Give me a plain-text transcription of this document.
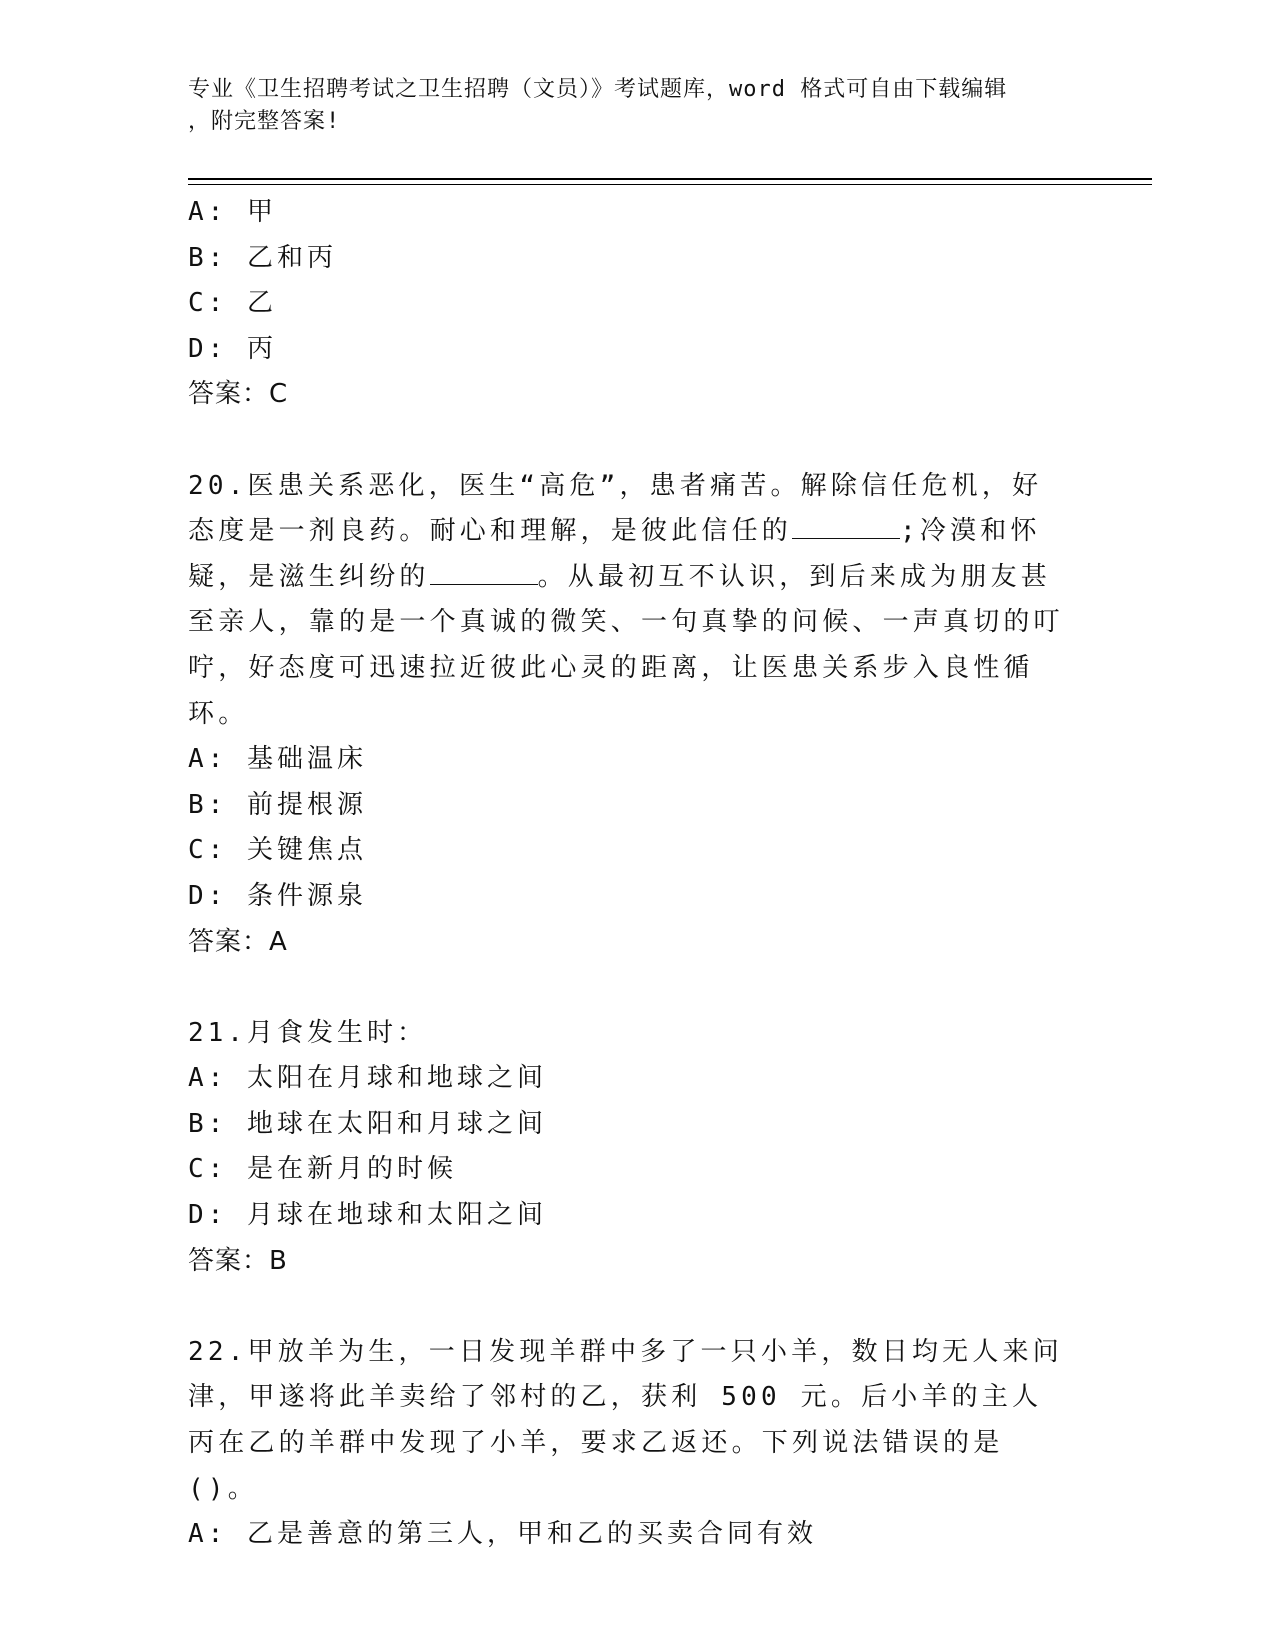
专业《卫生招聘考试之卫生招聘（文员）》考试题库，word 格式可自由下载编辑
，附完整答案!
A: 甲
B: 乙和丙
C: 乙
D: 丙
答案：C
20.医患关系恶化，医生“高危”，患者痛苦。解除信任危机，好态度是一剂良药。耐心和理解，是彼此信任的	;冷漠和怀疑，是滋生纠纷的	。从最初互不认识，到后来成为朋友甚至亲人，靠的是一个真诚的微笑、一句真挚的问候、一声真切的叮咛，好态度可迅速拉近彼此心灵的距离，让医患关系步入良性循环。
A: 基础温床
B: 前提根源
C: 关键焦点
D: 条件源泉
答案：A
21.月食发生时：
A: 太阳在月球和地球之间
B: 地球在太阳和月球之间
C: 是在新月的时候
D: 月球在地球和太阳之间
答案：B
22.甲放羊为生，一日发现羊群中多了一只小羊，数日均无人来问津，甲遂将此羊卖给了邻村的乙，获利 500 元。后小羊的主人丙在乙的羊群中发现了小羊，要求乙返还。下列说法错误的是()。
A: 乙是善意的第三人，甲和乙的买卖合同有效
